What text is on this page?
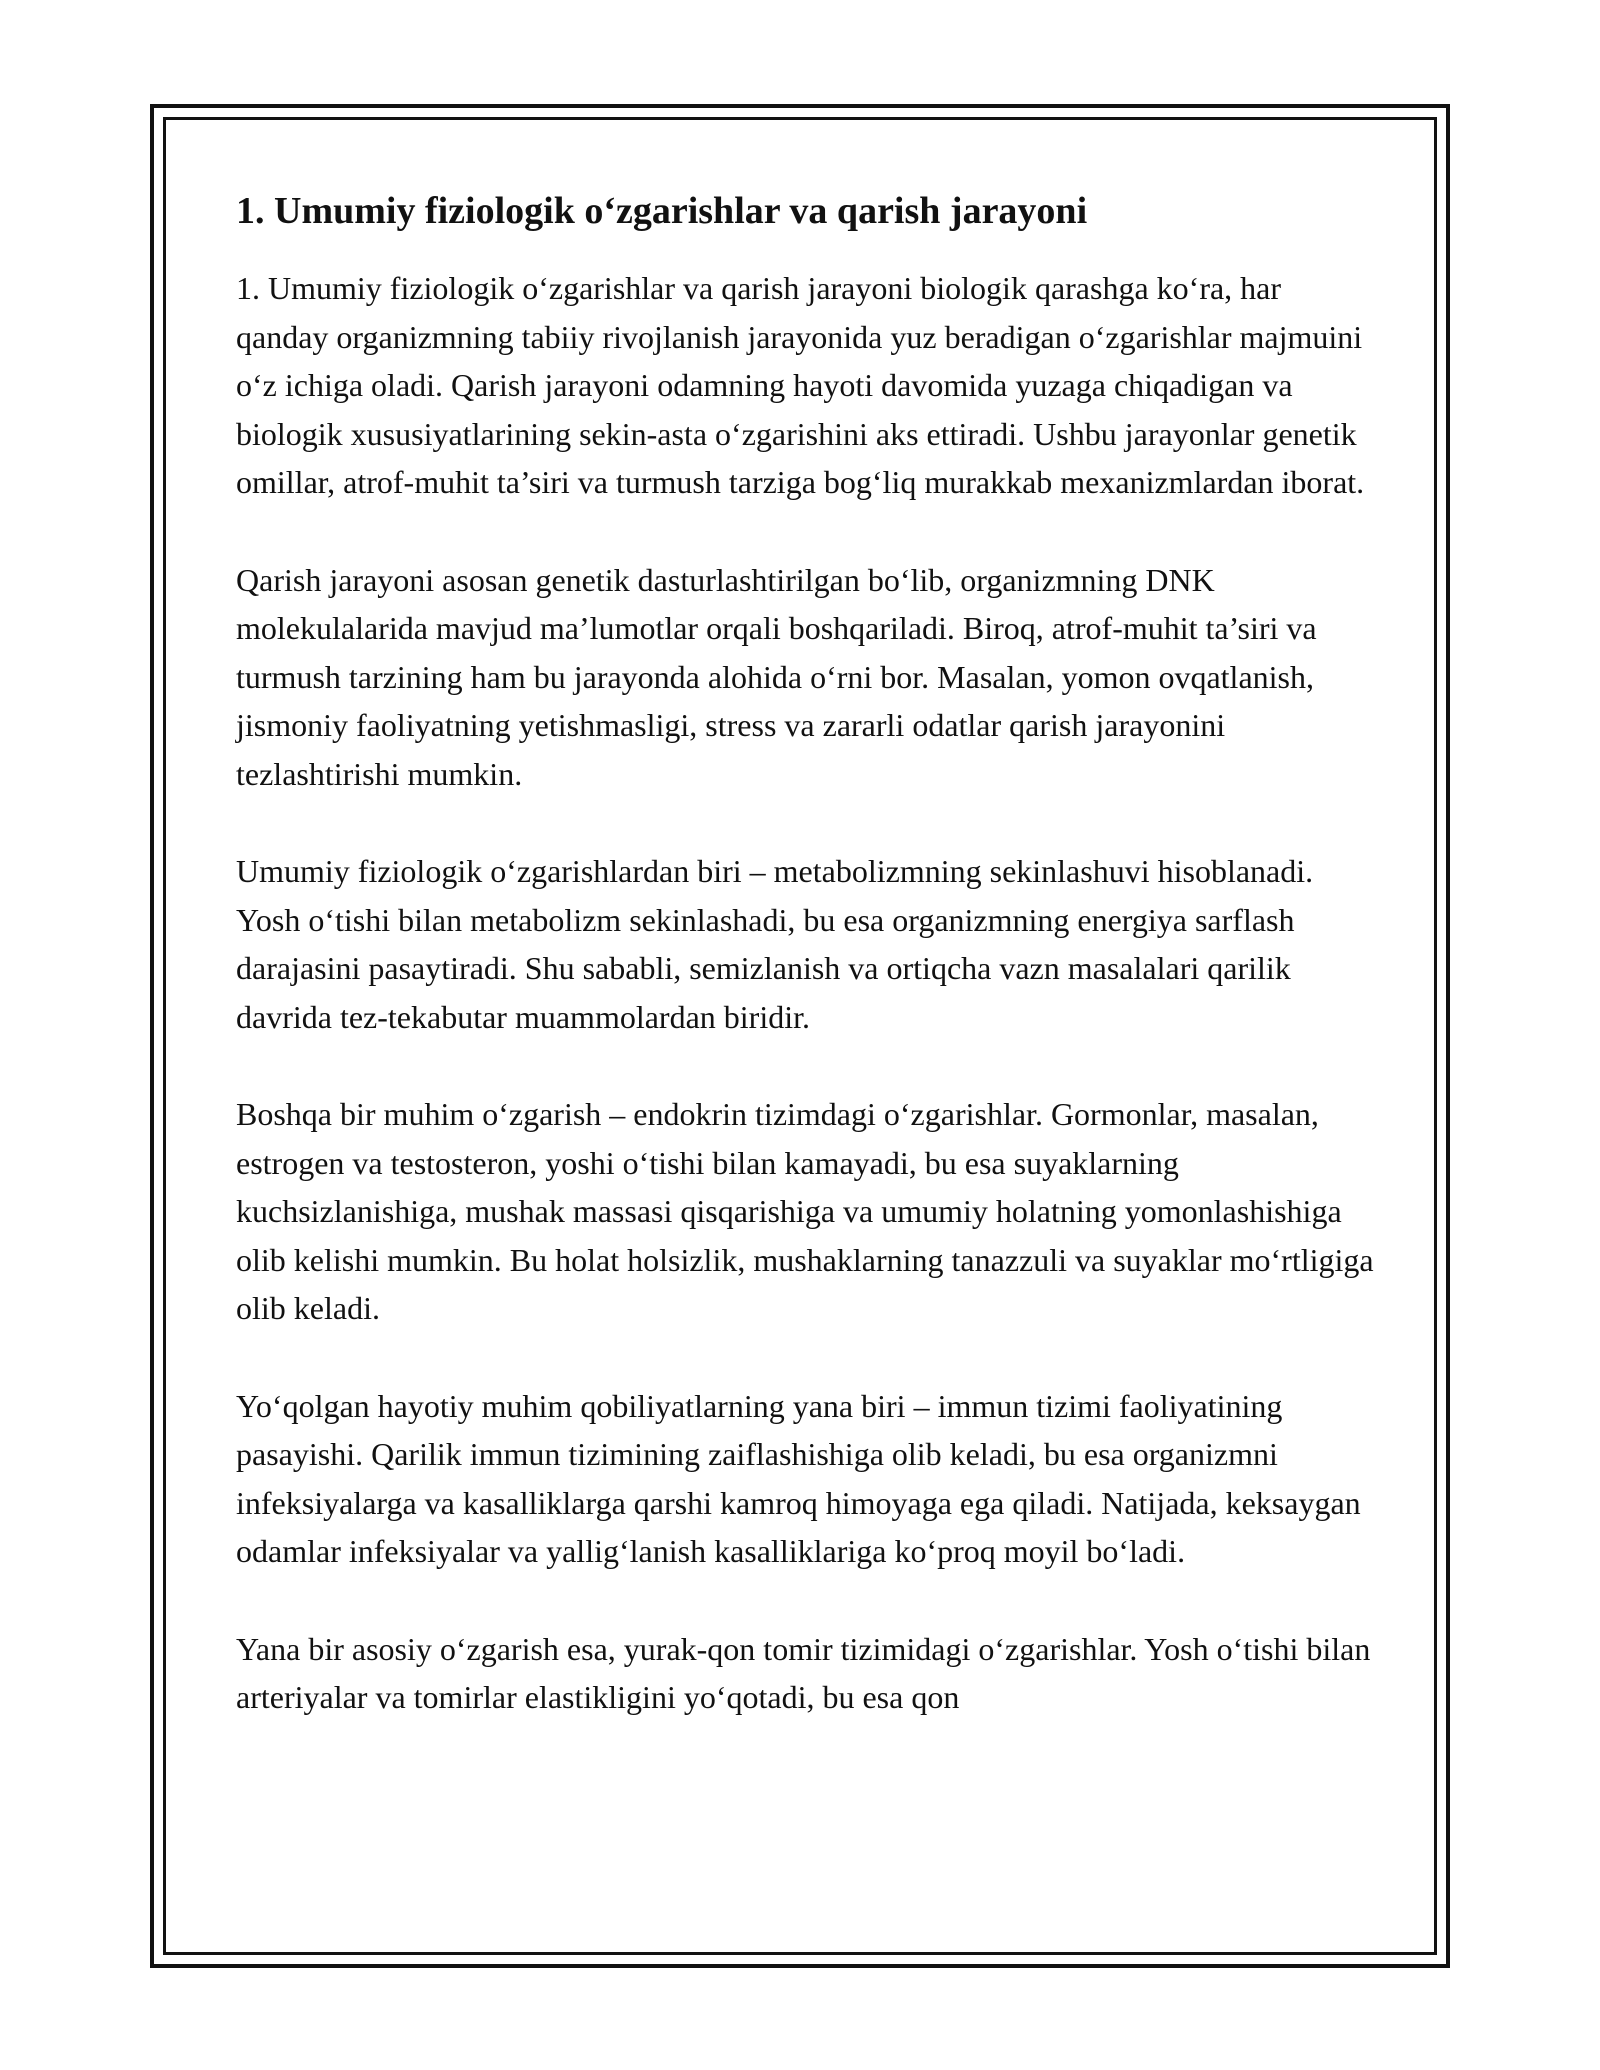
1. Umumiy fiziologik o‘zgarishlar va qarish jarayoni

1. Umumiy fiziologik o‘zgarishlar va qarish jarayoni biologik qarashga ko‘ra, har qanday organizmning tabiiy rivojlanish jarayonida yuz beradigan o‘zgarishlar majmuini o‘z ichiga oladi. Qarish jarayoni odamning hayoti davomida yuzaga chiqadigan va biologik xususiyatlarining sekin-asta o‘zgarishini aks ettiradi. Ushbu jarayonlar genetik omillar, atrof-muhit ta’siri va turmush tarziga bog‘liq murakkab mexanizmlardan iborat.

Qarish jarayoni asosan genetik dasturlashtirilgan bo‘lib, organizmning DNK molekulalarida mavjud ma’lumotlar orqali boshqariladi. Biroq, atrof-muhit ta’siri va turmush tarzining ham bu jarayonda alohida o‘rni bor. Masalan, yomon ovqatlanish, jismoniy faoliyatning yetishmasligi, stress va zararli odatlar qarish jarayonini tezlashtirishi mumkin.

Umumiy fiziologik o‘zgarishlardan biri – metabolizmning sekinlashuvi hisoblanadi. Yosh o‘tishi bilan metabolizm sekinlashadi, bu esa organizmning energiya sarflash darajasini pasaytiradi. Shu sababli, semizlanish va ortiqcha vazn masalalari qarilik davrida tez-tekabutar muammolardan biridir.

Boshqa bir muhim o‘zgarish – endokrin tizimdagi o‘zgarishlar. Gormonlar, masalan, estrogen va testosteron, yoshi o‘tishi bilan kamayadi, bu esa suyaklarning kuchsizlanishiga, mushak massasi qisqarishiga va umumiy holatning yomonlashishiga olib kelishi mumkin. Bu holat holsizlik, mushaklarning tanazzuli va suyaklar mo‘rtligiga olib keladi.

Yo‘qolgan hayotiy muhim qobiliyatlarning yana biri – immun tizimi faoliyatining pasayishi. Qarilik immun tizimining zaiflashishiga olib keladi, bu esa organizmni infeksiyalarga va kasalliklarga qarshi kamroq himoyaga ega qiladi. Natijada, keksaygan odamlar infeksiyalar va yallig‘lanish kasalliklariga ko‘proq moyil bo‘ladi.

Yana bir asosiy o‘zgarish esa, yurak-qon tomir tizimidagi o‘zgarishlar. Yosh o‘tishi bilan arteriyalar va tomirlar elastikligini yo‘qotadi, bu esa qon
